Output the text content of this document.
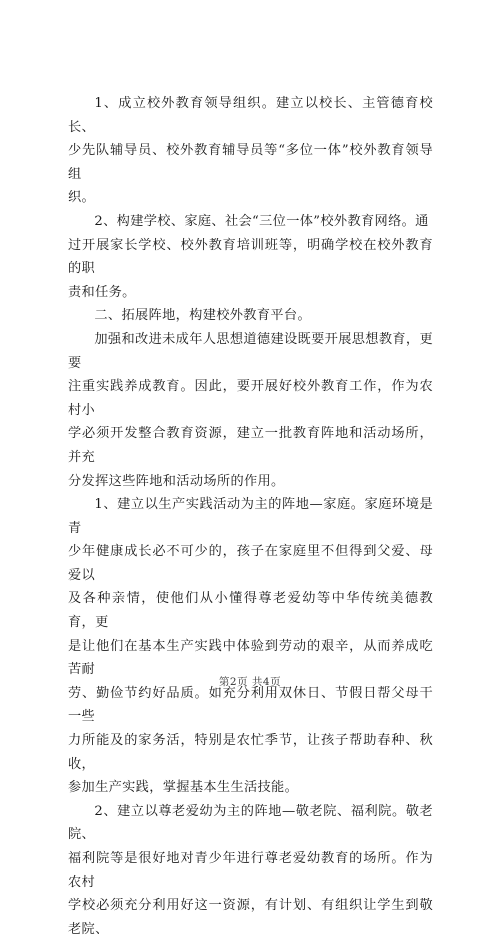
1、成立校外教育领导组织。建立以校长、主管德育校长、
少先队辅导员、校外教育辅导员等“多位一体”校外教育领导组
织。

2、构建学校、家庭、社会“三位一体”校外教育网络。通
过开展家长学校、校外教育培训班等，明确学校在校外教育的职
责和任务。

二、拓展阵地，构建校外教育平台。

加强和改进未成年人思想道德建设既要开展思想教育，更要
注重实践养成教育。因此，要开展好校外教育工作，作为农村小
学必须开发整合教育资源，建立一批教育阵地和活动场所，并充
分发挥这些阵地和活动场所的作用。

1、建立以生产实践活动为主的阵地—家庭。家庭环境是青
少年健康成长必不可少的，孩子在家庭里不但得到父爱、母爱以
及各种亲情，使他们从小懂得尊老爱幼等中华传统美德教育，更
是让他们在基本生产实践中体验到劳动的艰辛，从而养成吃苦耐
劳、勤俭节约好品质。如充分利用双休日、节假日帮父母干一些
力所能及的家务活，特别是农忙季节，让孩子帮助春种、秋收，
参加生产实践，掌握基本生生活技能。

2、建立以尊老爱幼为主的阵地—敬老院、福利院。敬老院、
福利院等是很好地对青少年进行尊老爱幼教育的场所。作为农村
学校必须充分利用好这一资源，有计划、有组织让学生到敬老院、

第2页 共4页
